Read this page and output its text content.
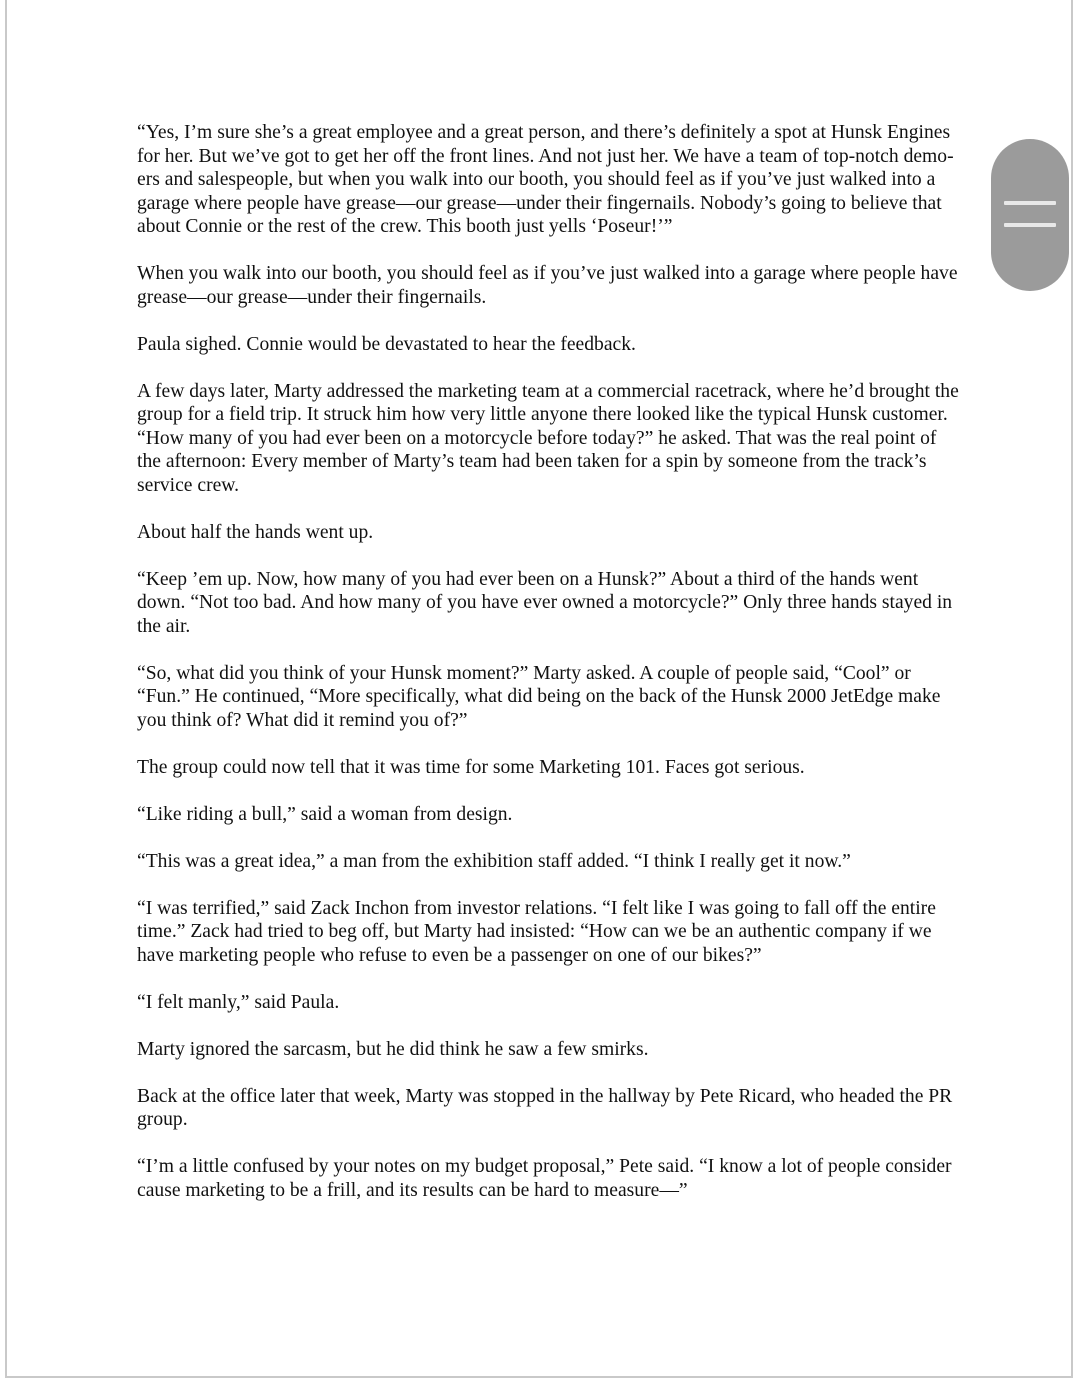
“Yes, I’m sure she’s a great employee and a great person, and there’s definitely a spot at Hunsk Engines for her. But we’ve got to get her off the front lines. And not just her. We have a team of top-notch demo-ers and salespeople, but when you walk into our booth, you should feel as if you’ve just walked into a garage where people have grease—our grease—under their fingernails. Nobody’s going to believe that about Connie or the rest of the crew. This booth just yells ‘Poseur!’”

When you walk into our booth, you should feel as if you’ve just walked into a garage where people have grease—our grease—under their fingernails.

Paula sighed. Connie would be devastated to hear the feedback.

A few days later, Marty addressed the marketing team at a commercial racetrack, where he’d brought the group for a field trip. It struck him how very little anyone there looked like the typical Hunsk customer. “How many of you had ever been on a motorcycle before today?” he asked. That was the real point of the afternoon: Every member of Marty’s team had been taken for a spin by someone from the track’s service crew.

About half the hands went up.

“Keep ’em up. Now, how many of you had ever been on a Hunsk?” About a third of the hands went down. “Not too bad. And how many of you have ever owned a motorcycle?” Only three hands stayed in the air.

“So, what did you think of your Hunsk moment?” Marty asked. A couple of people said, “Cool” or “Fun.” He continued, “More specifically, what did being on the back of the Hunsk 2000 JetEdge make you think of? What did it remind you of?”

The group could now tell that it was time for some Marketing 101. Faces got serious.

“Like riding a bull,” said a woman from design.

“This was a great idea,” a man from the exhibition staff added. “I think I really get it now.”

“I was terrified,” said Zack Inchon from investor relations. “I felt like I was going to fall off the entire time.” Zack had tried to beg off, but Marty had insisted: “How can we be an authentic company if we have marketing people who refuse to even be a passenger on one of our bikes?”

“I felt manly,” said Paula.

Marty ignored the sarcasm, but he did think he saw a few smirks.

Back at the office later that week, Marty was stopped in the hallway by Pete Ricard, who headed the PR group.

“I’m a little confused by your notes on my budget proposal,” Pete said. “I know a lot of people consider cause marketing to be a frill, and its results can be hard to measure—”
